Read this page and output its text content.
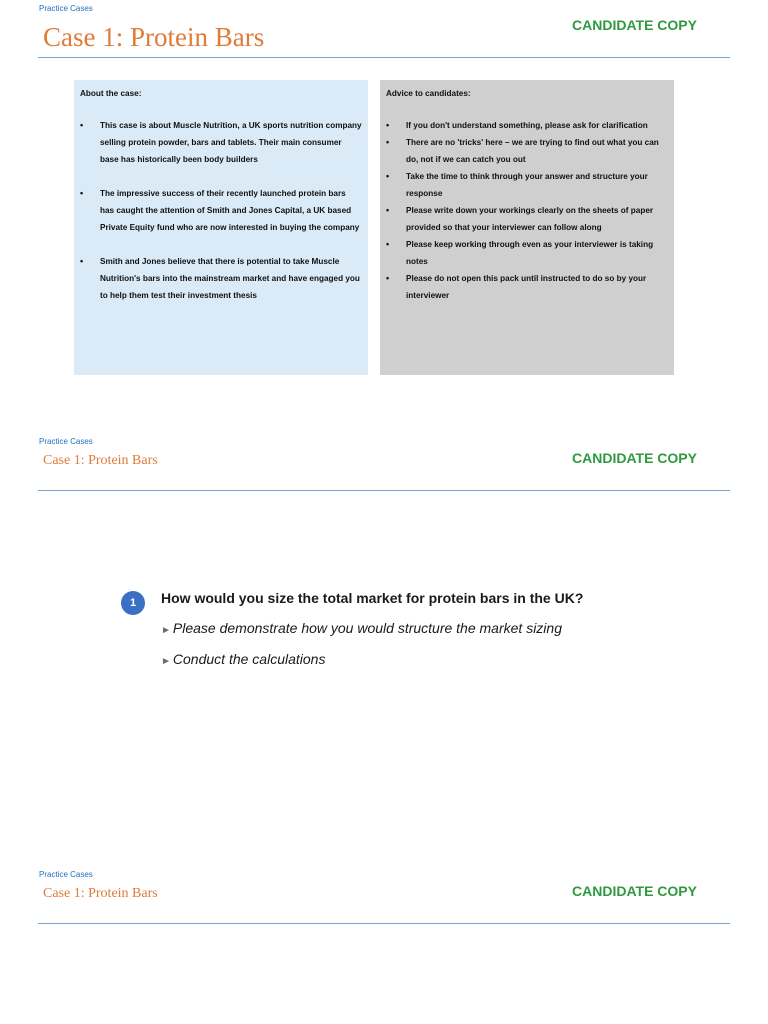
Practice Cases
Case 1: Protein Bars	CANDIDATE COPY
About the case:
• This case is about Muscle Nutrition, a UK sports nutrition company selling protein powder, bars and tablets. Their main consumer base has historically been body builders
• The impressive success of their recently launched protein bars has caught the attention of Smith and Jones Capital, a UK based Private Equity fund who are now interested in buying the company
• Smith and Jones believe that there is potential to take Muscle Nutrition's bars into the mainstream market and have engaged you to help them test their investment thesis
Advice to candidates:
• If you don't understand something, please ask for clarification
• There are no 'tricks' here – we are trying to find out what you can do, not if we can catch you out
• Take the time to think through your answer and structure your response
• Please write down your workings clearly on the sheets of paper provided so that your interviewer can follow along
• Please keep working through even as your interviewer is taking notes
• Please do not open this pack until instructed to do so by your interviewer
Practice Cases
Case 1: Protein Bars	CANDIDATE COPY
1	How would you size the total market for protein bars in the UK?
► Please demonstrate how you would structure the market sizing
► Conduct the calculations
Practice Cases
Case 1: Protein Bars	CANDIDATE COPY
